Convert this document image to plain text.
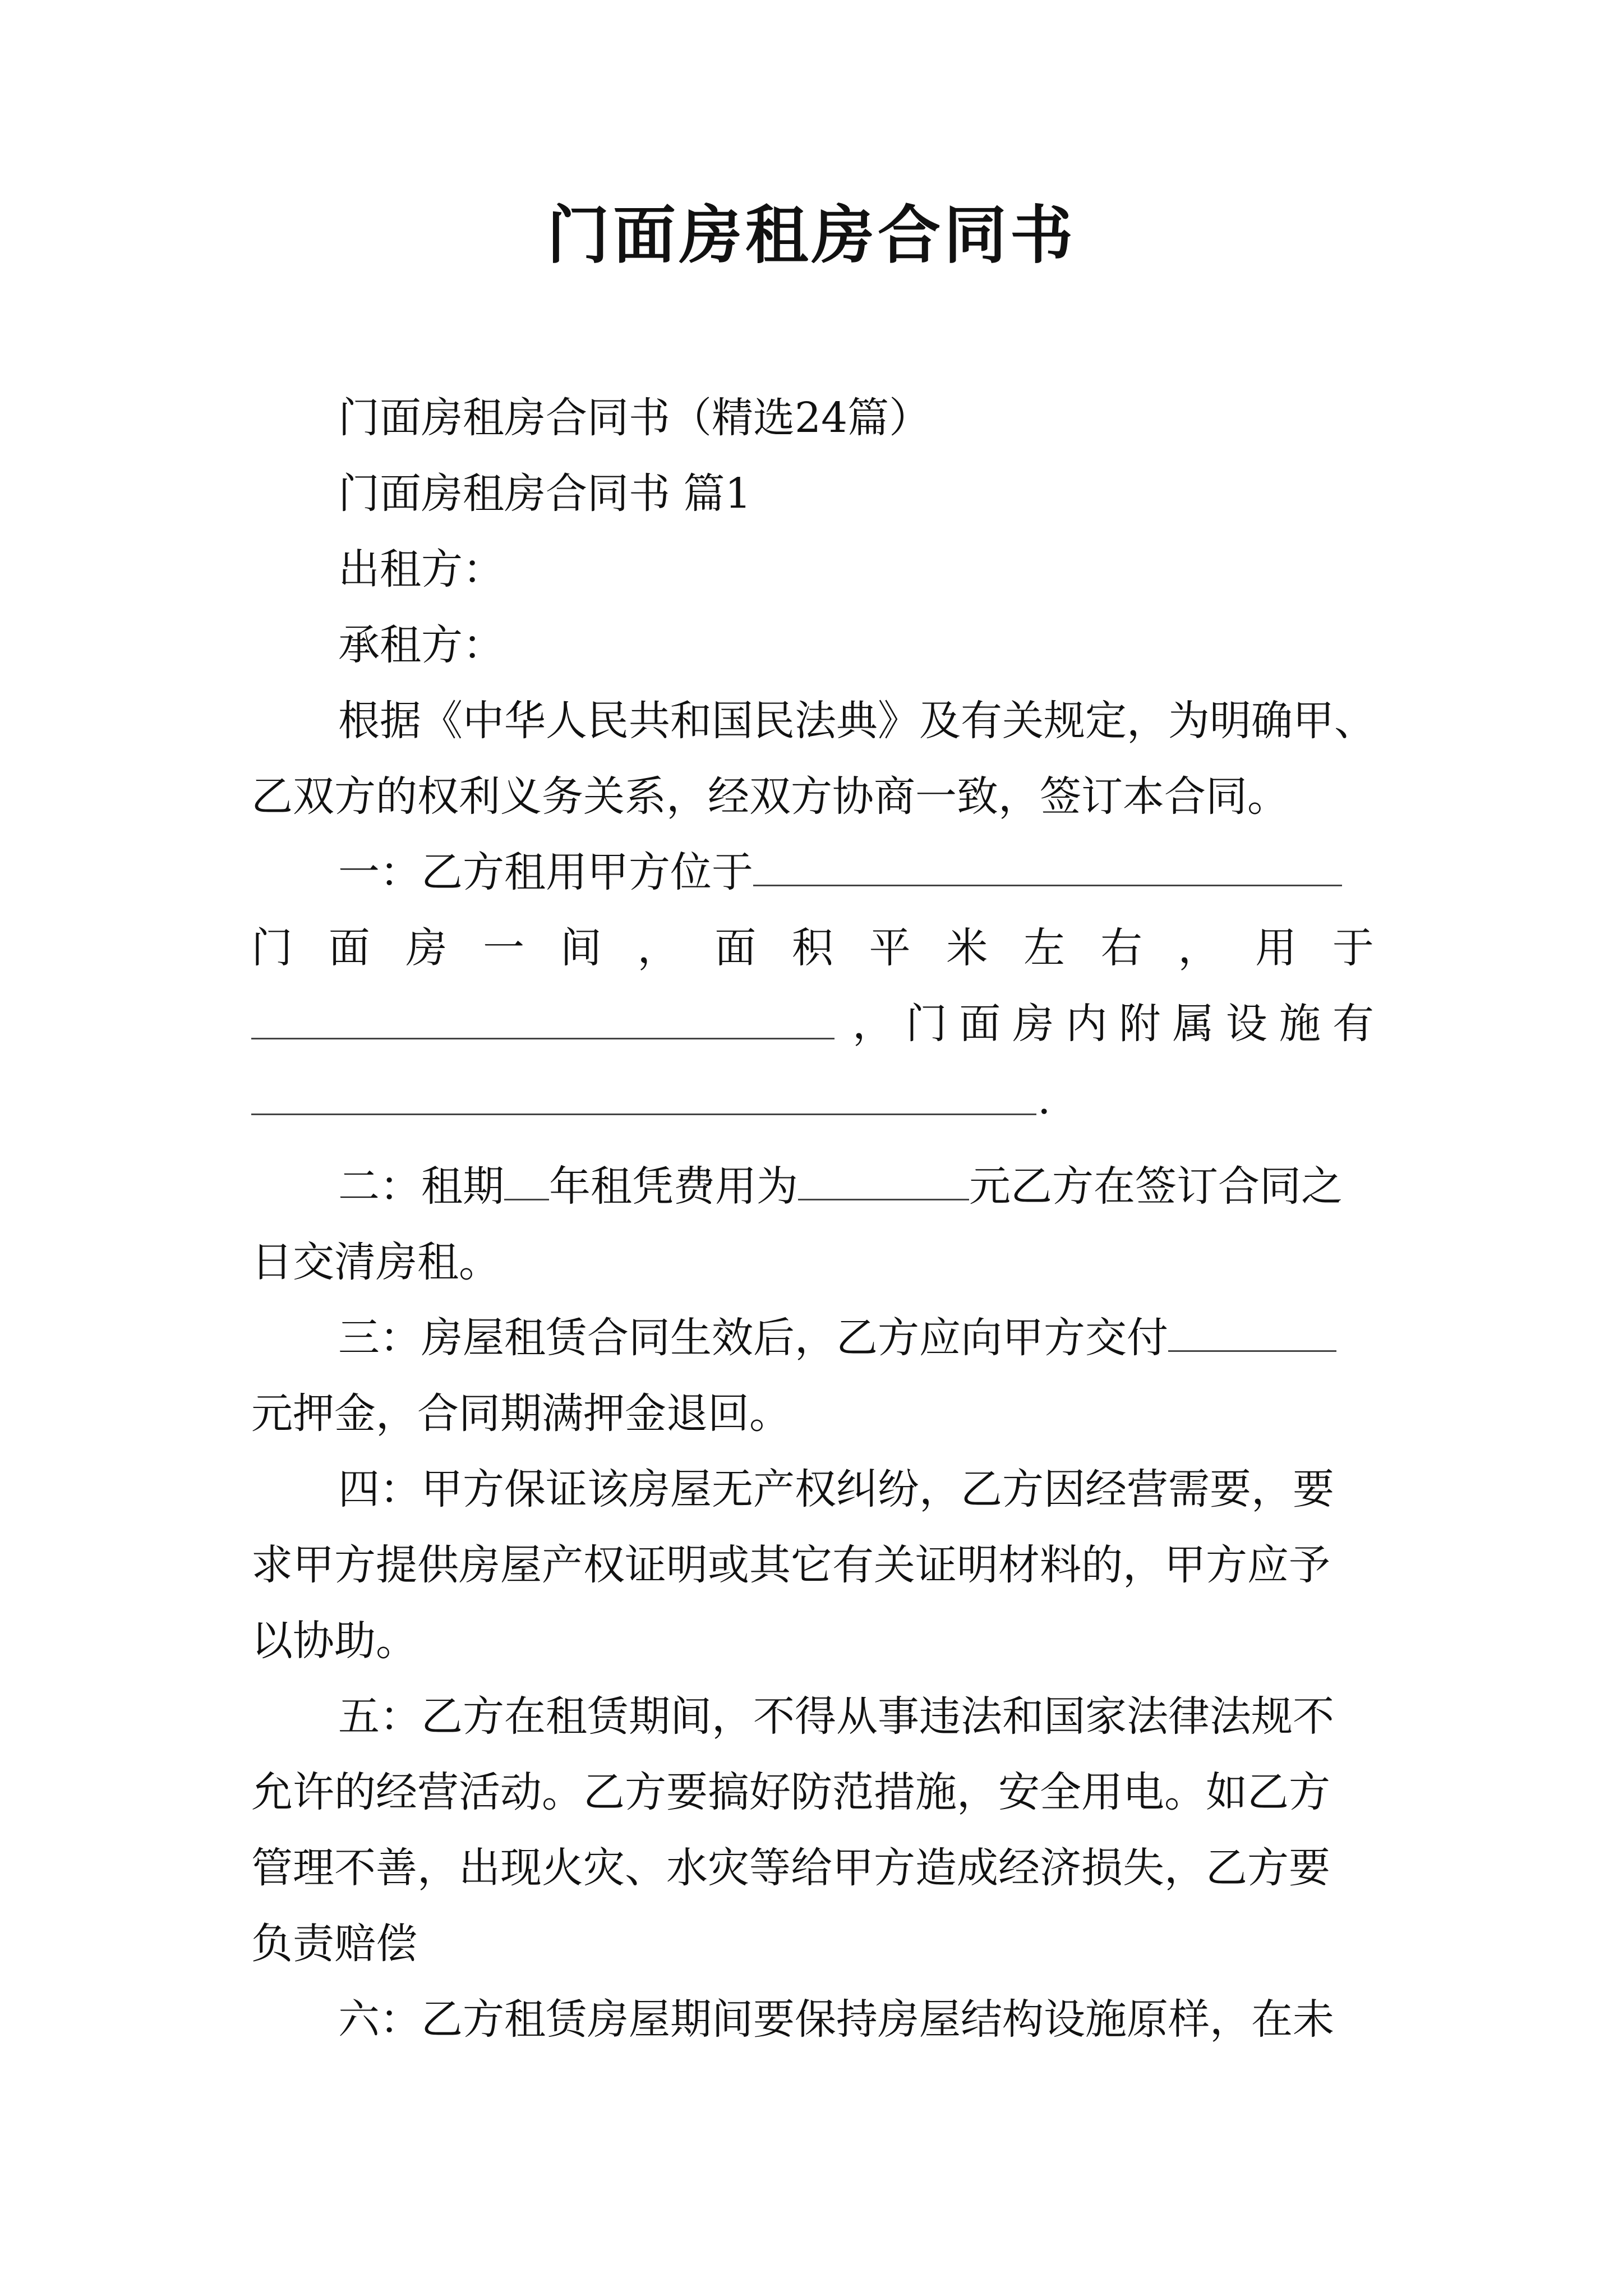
门面房租房合同书
门面房租房合同书（精选24篇）
门面房租房合同书 篇1
出租方：
承租方：
根据《中华人民共和国民法典》及有关规定，为明确甲、
乙双方的权利义务关系，经双方协商一致，签订本合同。
一：乙方租用甲方位于
门 面 房 一 间 ， 面 积 平 米 左 右 ， 用 于
， 门 面 房 内 附 属 设 施 有
.
二：租期 年租凭费用为	元乙方在签订合同之
日交清房租。
三：房屋租赁合同生效后，乙方应向甲方交付
元押金，合同期满押金退回。
四：甲方保证该房屋无产权纠纷，乙方因经营需要，要
求甲方提供房屋产权证明或其它有关证明材料的，甲方应予
以协助。
五：乙方在租赁期间，不得从事违法和国家法律法规不
允许的经营活动。乙方要搞好防范措施，安全用电。如乙方
管理不善，出现火灾、水灾等给甲方造成经济损失，乙方要
负责赔偿
六：乙方租赁房屋期间要保持房屋结构设施原样，在未
